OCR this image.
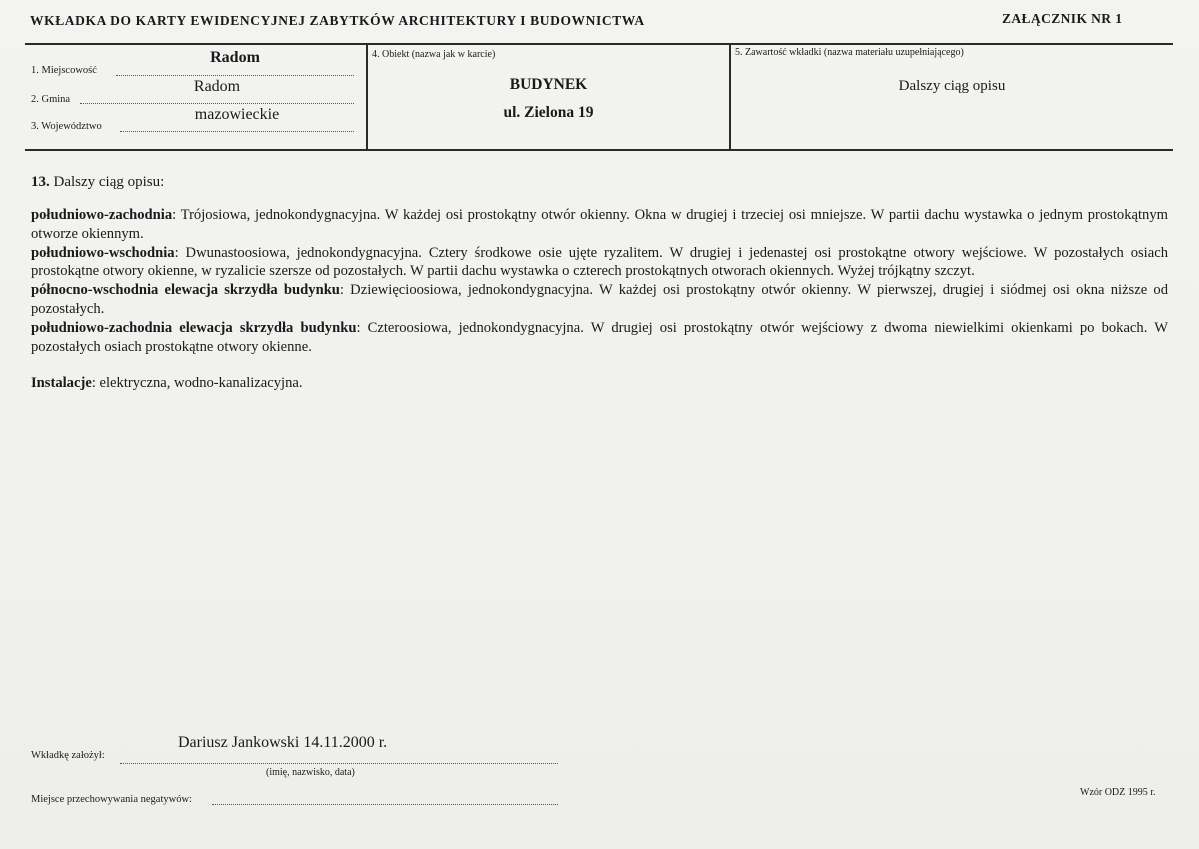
WKŁADKA DO KARTY EWIDENCYJNEJ ZABYTKÓW ARCHITEKTURY I BUDOWNICTWA	ZAŁĄCZNIK NR 1
1. Miejscowość
Radom
2. Gmina
Radom
3. Województwo
mazowieckie
4. Obiekt (nazwa jak w karcie)
BUDYNEK
ul. Zielona 19
5. Zawartość wkładki (nazwa materiału uzupełniającego)
Dalszy ciąg opisu
13. Dalszy ciąg opisu:

południowo-zachodnia: Trójosiowa, jednokondygnacyjna. W każdej osi prostokątny otwór okienny. Okna w drugiej i trzeciej osi mniejsze. W partii dachu wystawka o jednym prostokątnym otworze okiennym.

południowo-wschodnia: Dwunastoosiowa, jednokondygnacyjna. Cztery środkowe osie ujęte ryzalitem. W drugiej i jedenastej osi prostokątne otwory wejściowe. W pozostałych osiach prostokątne otwory okienne, w ryzalicie szersze od pozostałych. W partii dachu wystawka o czterech prostokątnych otworach okiennych. Wyżej trójkątny szczyt.

północno-wschodnia elewacja skrzydła budynku: Dziewięcioosiowa, jednokondygnacyjna. W każdej osi prostokątny otwór okienny. W pierwszej, drugiej i siódmej osi okna niższe od pozostałych.

południowo-zachodnia elewacja skrzydła budynku: Czteroosiowa, jednokondygnacyjna. W drugiej osi prostokątny otwór wejściowy z dwoma niewielkimi okienkami po bokach. W pozostałych osiach prostokątne otwory okienne.

Instalacje: elektryczna, wodno-kanalizacyjna.

Wkładkę założył:
Dariusz Jankowski 14.11.2000 r.
(imię, nazwisko, data)
Miejsce przechowywania negatywów:
Wzór ODZ 1995 r.
